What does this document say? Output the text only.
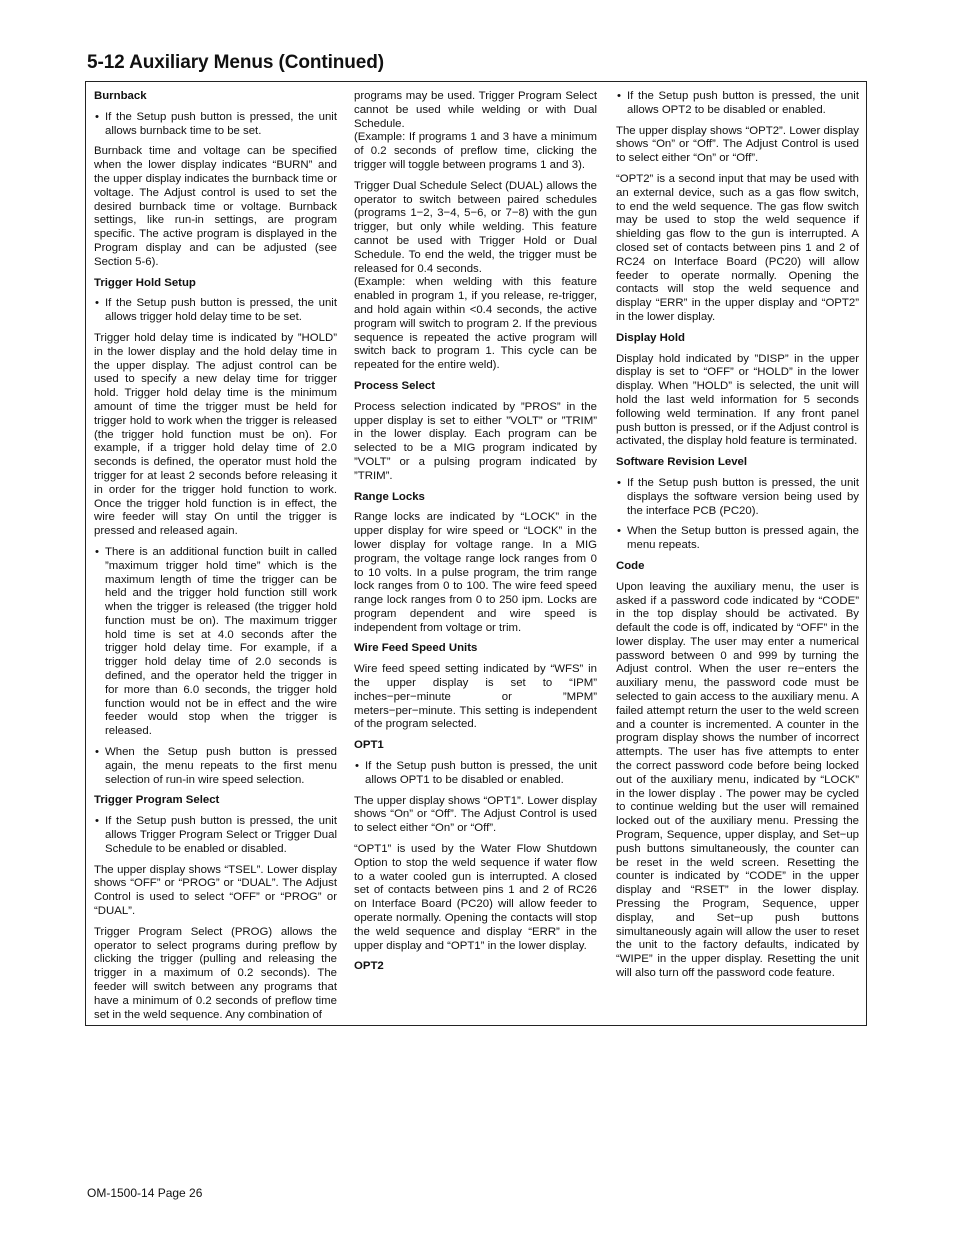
5-12 Auxiliary Menus (Continued)
Burnback
• If the Setup push button is pressed, the unit allows burnback time to be set.

Burnback time and voltage can be specified when the lower display indicates “BURN” and the upper display indicates the burnback time or voltage. The Adjust control is used to set the desired burnback time or voltage. Burnback settings, like run-in settings, are program specific. The active program is displayed in the Program display and can be adjusted (see Section 5-6).

Trigger Hold Setup
• If the Setup push button is pressed, the unit allows trigger hold delay time to be set.

Trigger hold delay time is indicated by ”HOLD” in the lower display and the hold delay time in the upper display. The adjust control can be used to specify a new delay time for trigger hold. Trigger hold delay time is the minimum amount of time the trigger must be held for trigger hold to work when the trigger is released (the trigger hold function must be on). For example, if a trigger hold delay time of 2.0 seconds is defined, the operator must hold the trigger for at least 2 seconds before releasing it in order for the trigger hold function to work. Once the trigger hold function is in effect, the wire feeder will stay On until the trigger is pressed and released again.

• There is an additional function built in called ”maximum trigger hold time” which is the maximum length of time the trigger can be held and the trigger hold function still work when the trigger is released (the trigger hold function must be on). The maximum trigger hold time is set at 4.0 seconds after the trigger hold delay time. For example, if a trigger hold delay time of 2.0 seconds is defined, and the operator held the trigger in for more than 6.0 seconds, the trigger hold function would not be in effect and the wire feeder would stop when the trigger is released.
• When the Setup push button is pressed again, the menu repeats to the first menu selection of run-in wire speed selection.
Trigger Program Select
• If the Setup push button is pressed, the unit allows Trigger Program Select or Trigger Dual Schedule to be enabled or disabled.

The upper display shows “TSEL”. Lower display shows “OFF” or “PROG” or “DUAL”. The Adjust Control is used to select “OFF” or “PROG” or “DUAL”.

Trigger Program Select (PROG) allows the operator to select programs during preflow by clicking the trigger (pulling and releasing the trigger in a maximum of 0.2 seconds). The feeder will switch between any programs that have a minimum of 0.2 seconds of preflow time set in the weld sequence. Any combination of

programs may be used. Trigger Program Select cannot be used while welding or with Dual Schedule.

(Example: If programs 1 and 3 have a minimum of 0.2 seconds of preflow time, clicking the trigger will toggle between programs 1 and 3).

Trigger Dual Schedule Select (DUAL) allows the operator to switch between paired schedules (programs 1−2, 3−4, 5−6, or 7−8) with the gun trigger, but only while welding. This feature cannot be used with Trigger Hold or Dual Schedule. To end the weld, the trigger must be released for 0.4 seconds.

(Example: when welding with this feature enabled in program 1, if you release, re-trigger, and hold again within <0.4 seconds, the active program will switch to program 2. If the previous sequence is repeated the active program will switch back to program 1. This cycle can be repeated for the entire weld).

Process Select

Process selection indicated by ”PROS” in the upper display is set to either ”VOLT” or ”TRIM” in the lower display. Each program can be selected to be a MIG program indicated by ”VOLT” or a pulsing program indicated by ”TRIM”.

Range Locks

Range locks are indicated by “LOCK” in the upper display for wire speed or “LOCK” in the lower display for voltage range. In a MIG program, the voltage range lock ranges from 0 to 10 volts. In a pulse program, the trim range lock ranges from 0 to 100. The wire feed speed range lock ranges from 0 to 250 ipm. Locks are program dependent and wire speed is independent from voltage or trim.

Wire Feed Speed Units

Wire feed speed setting indicated by “WFS” in the upper display is set to “IPM” inches−per−minute or ”MPM” meters−per−minute. This setting is independent of the program selected.

OPT1
• If the Setup push button is pressed, the unit allows OPT1 to be disabled or enabled.

The upper display shows “OPT1”. Lower display shows “On” or “Off”. The Adjust Control is used to select either “On” or “Off”.

“OPT1” is used by the Water Flow Shutdown Option to stop the weld sequence if water flow to a water cooled gun is interrupted. A closed set of contacts between pins 1 and 2 of RC26 on Interface Board (PC20) will allow feeder to operate normally. Opening the contacts will stop the weld sequence and display “ERR” in the upper display and “OPT1” in the lower display.

OPT2
• If the Setup push button is pressed, the unit allows OPT2 to be disabled or enabled.

The upper display shows “OPT2”. Lower display shows “On” or “Off”. The Adjust Control is used to select either “On” or “Off”.

“OPT2” is a second input that may be used with an external device, such as a gas flow switch, to end the weld sequence. The gas flow switch may be used to stop the weld sequence if shielding gas flow to the gun is interrupted. A closed set of contacts between pins 1 and 2 of RC24 on Interface Board (PC20) will allow feeder to operate normally. Opening the contacts will stop the weld sequence and display “ERR” in the upper display and “OPT2” in the lower display.

Display Hold

Display hold indicated by ”DISP” in the upper display is set to “OFF” or “HOLD” in the lower display. When ”HOLD” is selected, the unit will hold the last weld information for 5 seconds following weld termination. If any front panel push button is pressed, or if the Adjust control is activated, the display hold feature is terminated.

Software Revision Level
• If the Setup push button is pressed, the unit displays the software version being used by the interface PCB (PC20).
• When the Setup button is pressed again, the menu repeats.
Code

Upon leaving the auxiliary menu, the user is asked if a password code indicated by “CODE” in the top display should be activated. By default the code is off, indicated by “OFF” in the lower display. The user may enter a numerical password between 0 and 999 by turning the Adjust control. When the user re−enters the auxiliary menu, the password code must be selected to gain access to the auxiliary menu. A failed attempt return the user to the weld screen and a counter is incremented. A counter in the program display shows the number of incorrect attempts. The user has five attempts to enter the correct password code before being locked out of the auxiliary menu, indicated by “LOCK” in the lower display . The power may be cycled to continue welding but the user will remained locked out of the auxiliary menu. Pressing the Program, Sequence, upper display, and Set−up push buttons simultaneously, the counter can be reset in the weld screen. Resetting the counter is indicated by “CODE” in the upper display and “RSET” in the lower display. Pressing the Program, Sequence, upper display, and Set−up push buttons simultaneously again will allow the user to reset the unit to the factory defaults, indicated by “WIPE” in the upper display. Resetting the unit will also turn off the password code feature.

OM-1500-14 Page 26
